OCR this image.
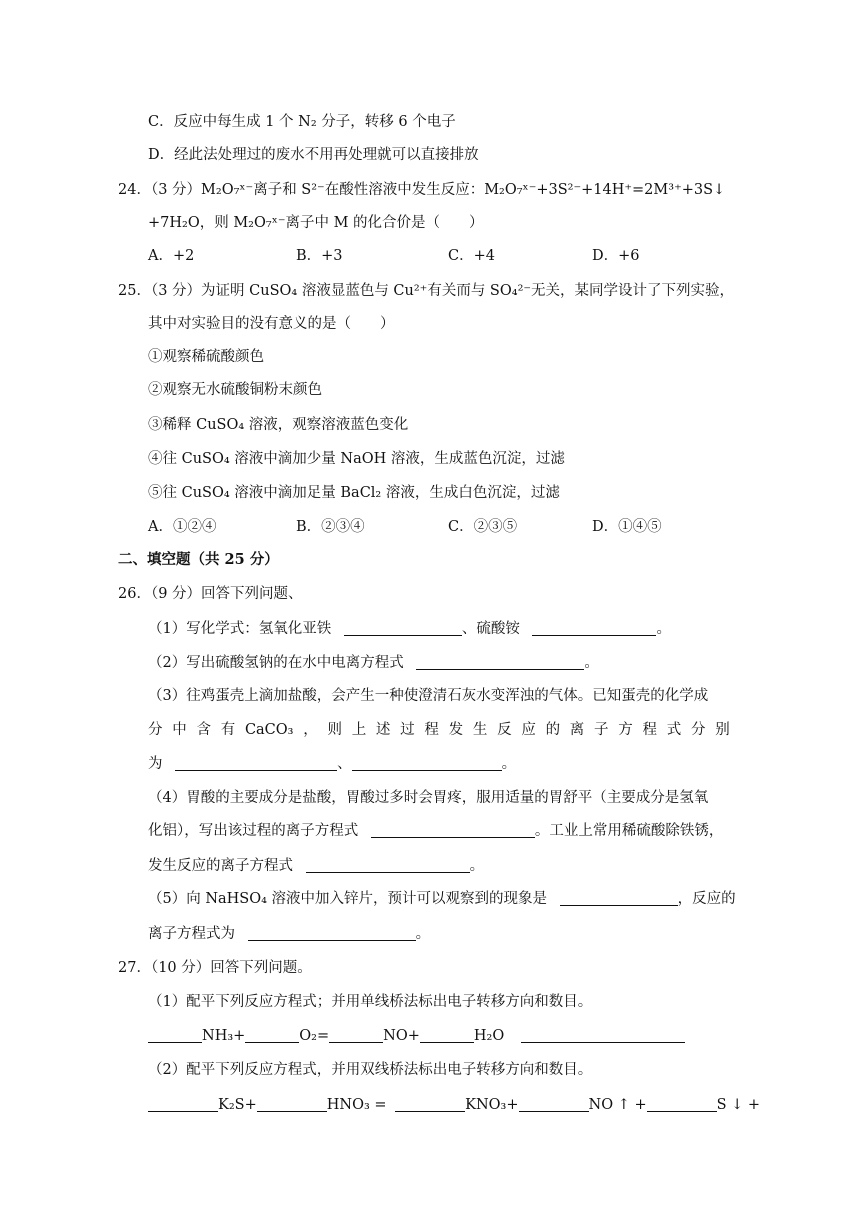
C．反应中每生成 1 个 N₂ 分子，转移 6 个电子
D．经此法处理过的废水不用再处理就可以直接排放
24．（3 分）M₂O₇ˣ⁻离子和 S²⁻在酸性溶液中发生反应：M₂O₇ˣ⁻+3S²⁻+14H⁺=2M³⁺+3S↓
+7H₂O，则 M₂O₇ˣ⁻离子中 M 的化合价是（　　）
A．+2	B．+3	C．+4	D．+6
25．（3 分）为证明 CuSO₄ 溶液显蓝色与 Cu²⁺有关而与 SO₄²⁻无关，某同学设计了下列实验，
其中对实验目的没有意义的是（　　）
①观察稀硫酸颜色
②观察无水硫酸铜粉末颜色
③稀释 CuSO₄ 溶液，观察溶液蓝色变化
④往 CuSO₄ 溶液中滴加少量 NaOH 溶液，生成蓝色沉淀，过滤
⑤往 CuSO₄ 溶液中滴加足量 BaCl₂ 溶液，生成白色沉淀，过滤
A．①②④	B．②③④	C．②③⑤	D．①④⑤
二、填空题（共 25 分）
26．（9 分）回答下列问题、
（1）写化学式：氢氧化亚铁	、硫酸铵	。
（2）写出硫酸氢钠的在水中电离方程式	。
（3）往鸡蛋壳上滴加盐酸，会产生一种使澄清石灰水变浑浊的气体。已知蛋壳的化学成
分 中 含 有 CaCO₃ ， 则 上 述 过 程 发 生 反 应 的 离 子 方 程 式 分 别
为	、	。
（4）胃酸的主要成分是盐酸，胃酸过多时会胃疼，服用适量的胃舒平（主要成分是氢氧
化铝），写出该过程的离子方程式	。工业上常用稀硫酸除铁锈，
发生反应的离子方程式	。
（5）向 NaHSO₄ 溶液中加入锌片，预计可以观察到的现象是	，反应的
离子方程式为	。
27．（10 分）回答下列问题。
（1）配平下列反应方程式；并用单线桥法标出电子转移方向和数目。
NH₃+	O₂=	NO+	H₂O
（2）配平下列反应方程式，并用双线桥法标出电子转移方向和数目。
K₂S+	HNO₃ =	KNO₃+	NO ↑ +	S ↓ +
